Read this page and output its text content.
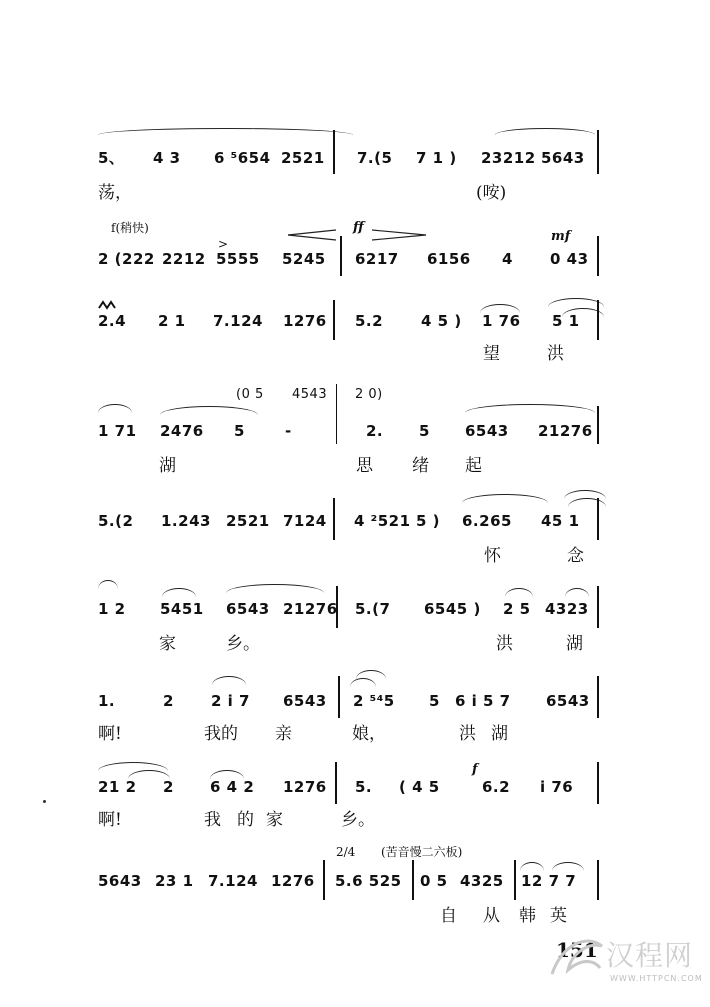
5、 4 3 6 ⁵654 2521 7.(5 7 1 ) 23212 5643
荡，	(咹)
f(稍快)
>
ff
mf
2 (222 2212 5555 5245 6217 6156 4 0 43
2.4 2 1 7.124 1276 5.2	4 5 ) 1 76 5 1
望	洪
(0 5 4543 2 0)
1 71 2476 5	-	2. 5 6543 21276
湖	思 绪 起
5.(2 1.243 2521 7124 4 ²521 5 ) 6.265 45 1
怀	念
1 2 5451 6543 21276 5.(7 6545 ) 2 5 4323
家	乡。	洪	湖
1.	2 2 i 7 6543 2 ⁵⁴5 5 6 i 5 7 6543
啊!	我的 亲	娘，	洪 湖
f
21 2 2 6 4 2 1276 5. ( 4 5	6.2 i 76
啊!	我 的 家	乡。
2/4 (苦音慢二六板)
5643 23 1 7.124 1276 5.6 525 0 5 4325 12 7 7
自 从 韩 英
151 汉程网
WWW.HTTPCN.COM
